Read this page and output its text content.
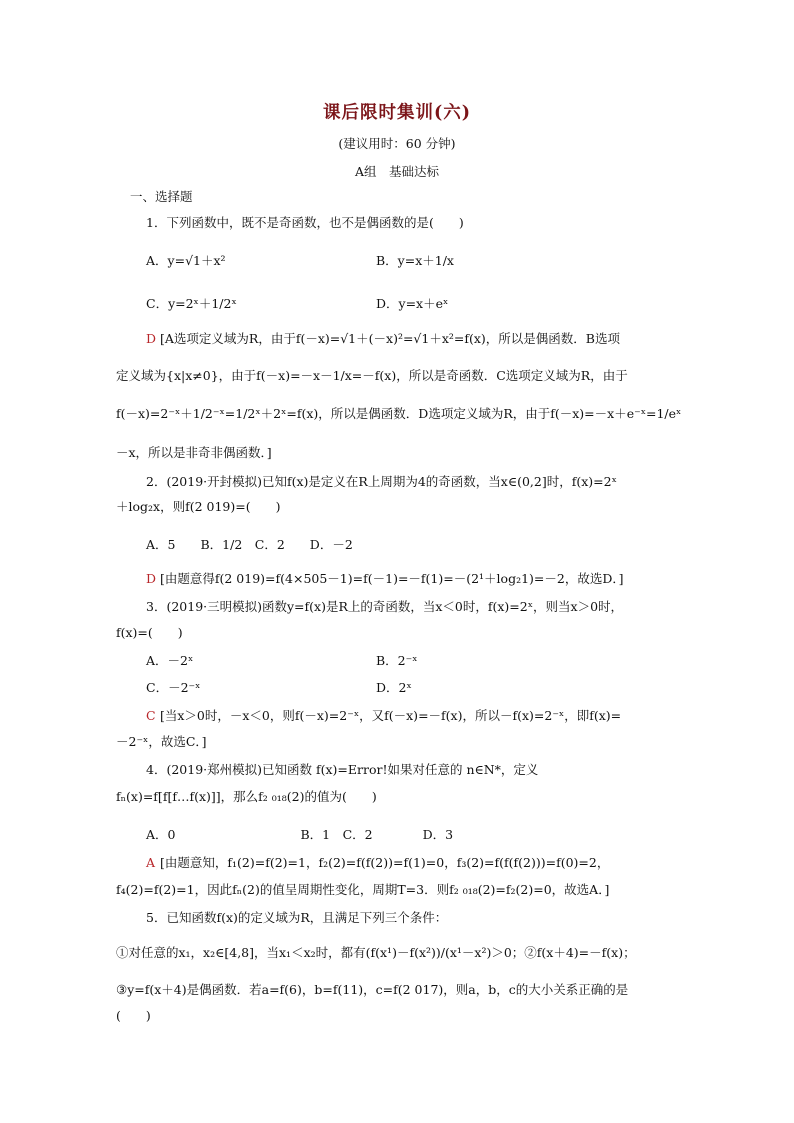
课后限时集训(六)
(建议用时：60 分钟)
A组　基础达标
一、选择题
1．下列函数中，既不是奇函数，也不是偶函数的是(　　)
A．y=√1＋x²	B．y=x＋1/x
C．y=2ˣ＋1/2ˣ	D．y=x＋eˣ
[A选项定义域为R，由于f(－x)=√1＋(－x)²=√1＋x²=f(x)，所以是偶函数．B选项
定义域为{x|x≠0}，由于f(－x)=－x－1/x=－f(x)，所以是奇函数．C选项定义域为R，由于
f(－x)=2⁻ˣ＋1/2⁻ˣ=1/2ˣ＋2ˣ=f(x)，所以是偶函数．D选项定义域为R，由于f(－x)=－x＋e⁻ˣ=1/eˣ
－x，所以是非奇非偶函数．]
2．(2019·开封模拟)已知f(x)是定义在R上周期为4的奇函数，当x∈(0,2]时，f(x)=2ˣ
＋log₂x，则f(2 019)=(　　)
A．5　　B．1/2　C．2　　D．－2
[由题意得f(2 019)=f(4×505－1)=f(－1)=－f(1)=－(2¹＋log₂1)=－2，故选D．]
3．(2019·三明模拟)函数y=f(x)是R上的奇函数，当x＜0时，f(x)=2ˣ，则当x＞0时，
f(x)=(　　)
A．－2ˣ	B．2⁻ˣ
C．－2⁻ˣ	D．2ˣ
[当x＞0时，－x＜0，则f(－x)=2⁻ˣ，又f(－x)=－f(x)，所以－f(x)=2⁻ˣ，即f(x)=
－2⁻ˣ，故选C．]
4．(2019·郑州模拟)已知函数 f(x)=Error!如果对任意的 n∈N*，定义
fₙ(x)=f[f[f…f(x)]]，那么f₂ ₀₁₈(2)的值为(　　)
A．0　　　　　　　　　　B．1　C．2　　　　D．3
[由题意知，f₁(2)=f(2)=1，f₂(2)=f(f(2))=f(1)=0，f₃(2)=f(f(f(2)))=f(0)=2，
f₄(2)=f(2)=1，因此fₙ(2)的值呈周期性变化，周期T=3．则f₂ ₀₁₈(2)=f₂(2)=0，故选A．]
5．已知函数f(x)的定义域为R，且满足下列三个条件：
①对任意的x₁，x₂∈[4,8]，当x₁＜x₂时，都有(f(x¹)－f(x²))/(x¹－x²)＞0；②f(x＋4)=－f(x)；
③y=f(x＋4)是偶函数．若a=f(6)，b=f(11)，c=f(2 017)，则a，b，c的大小关系正确的是
(　　)
D
D
C
A
